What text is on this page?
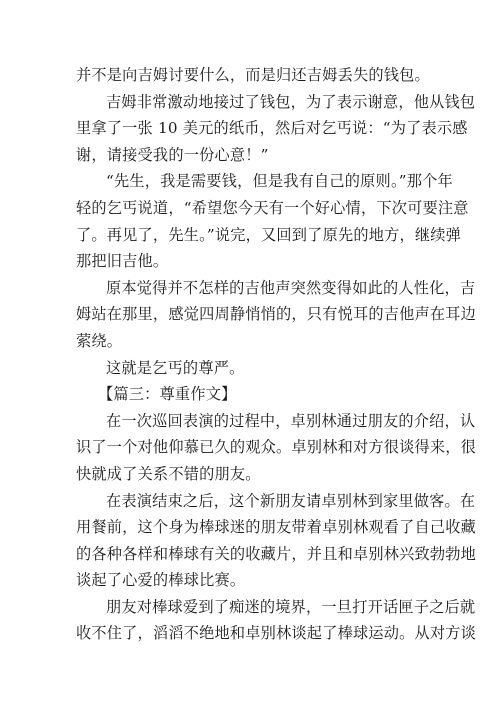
并不是向吉姆讨要什么，而是归还吉姆丢失的钱包。
吉姆非常激动地接过了钱包，为了表示谢意，他从钱包
里拿了一张 10 美元的纸币，然后对乞丐说：“为了表示感
谢，请接受我的一份心意！”
“先生，我是需要钱，但是我有自己的原则。”那个年
轻的乞丐说道，“希望您今天有一个好心情，下次可要注意
了。再见了，先生。”说完，又回到了原先的地方，继续弹
那把旧吉他。
原本觉得并不怎样的吉他声突然变得如此的人性化，吉
姆站在那里，感觉四周静悄悄的，只有悦耳的吉他声在耳边
萦绕。
这就是乞丐的尊严。
【篇三：尊重作文】
在一次巡回表演的过程中，卓别林通过朋友的介绍，认
识了一个对他仰慕已久的观众。卓别林和对方很谈得来，很
快就成了关系不错的朋友。
在表演结束之后，这个新朋友请卓别林到家里做客。在
用餐前，这个身为棒球迷的朋友带着卓别林观看了自己收藏
的各种各样和棒球有关的收藏片，并且和卓别林兴致勃勃地
谈起了心爱的棒球比赛。
朋友对棒球爱到了痴迷的境界，一旦打开话匣子之后就
收不住了，滔滔不绝地和卓别林谈起了棒球运动。从对方谈
